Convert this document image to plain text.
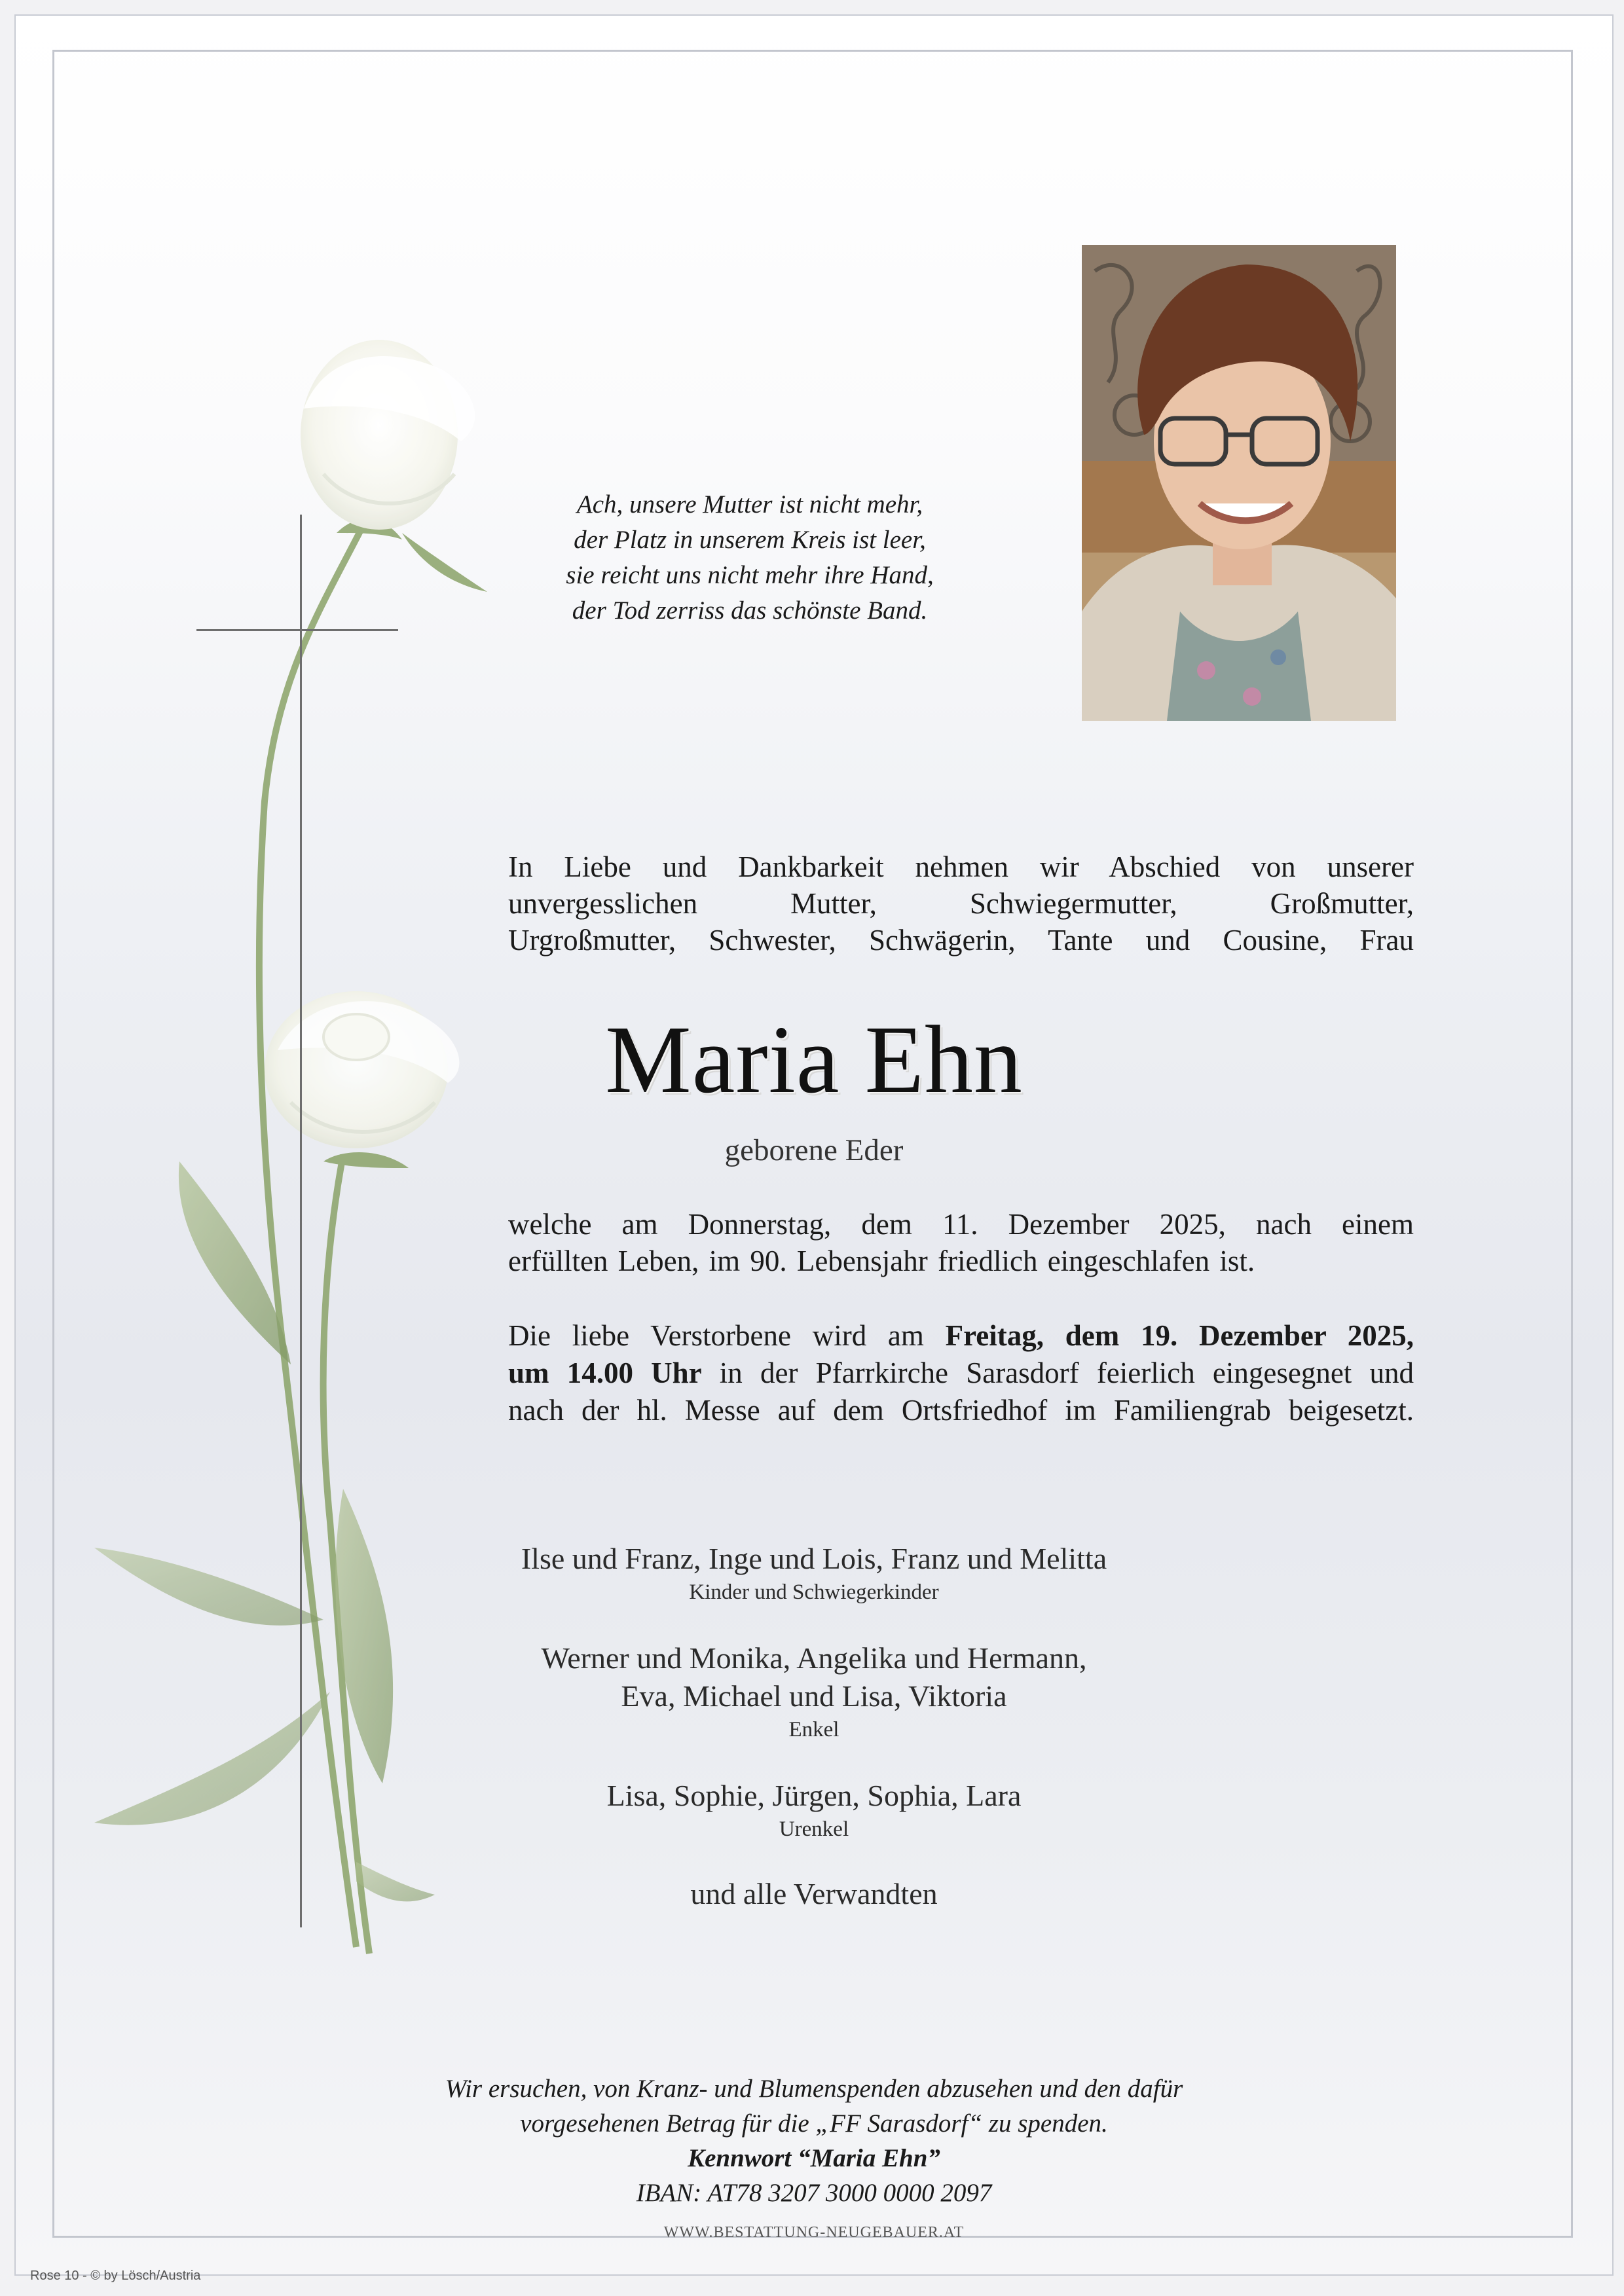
Ach, unsere Mutter ist nicht mehr,
der Platz in unserem Kreis ist leer,
sie reicht uns nicht mehr ihre Hand,
der Tod zerriss das schönste Band.
In Liebe und Dankbarkeit nehmen wir Abschied von unserer
unvergesslichen Mutter, Schwiegermutter, Großmutter,
Urgroßmutter, Schwester, Schwägerin, Tante und Cousine, Frau
Maria Ehn
geborene Eder
welche am Donnerstag, dem 11. Dezember 2025, nach einem
erfüllten Leben, im 90. Lebensjahr friedlich eingeschlafen ist.
Die liebe Verstorbene wird am Freitag, dem 19. Dezember 2025,
um 14.00 Uhr in der Pfarrkirche Sarasdorf feierlich eingesegnet und
nach der hl. Messe auf dem Ortsfriedhof im Familiengrab beigesetzt.
Ilse und Franz, Inge und Lois, Franz und Melitta
Kinder und Schwiegerkinder
Werner und Monika, Angelika und Hermann,
Eva, Michael und Lisa, Viktoria
Enkel
Lisa, Sophie, Jürgen, Sophia, Lara
Urenkel
und alle Verwandten
Wir ersuchen, von Kranz- und Blumenspenden abzusehen und den dafür
vorgesehenen Betrag für die „FF Sarasdorf“ zu spenden.
Kennwort “Maria Ehn”
IBAN: AT78 3207 3000 0000 2097
WWW.BESTATTUNG-NEUGEBAUER.AT
Rose 10 - © by Lösch/Austria
